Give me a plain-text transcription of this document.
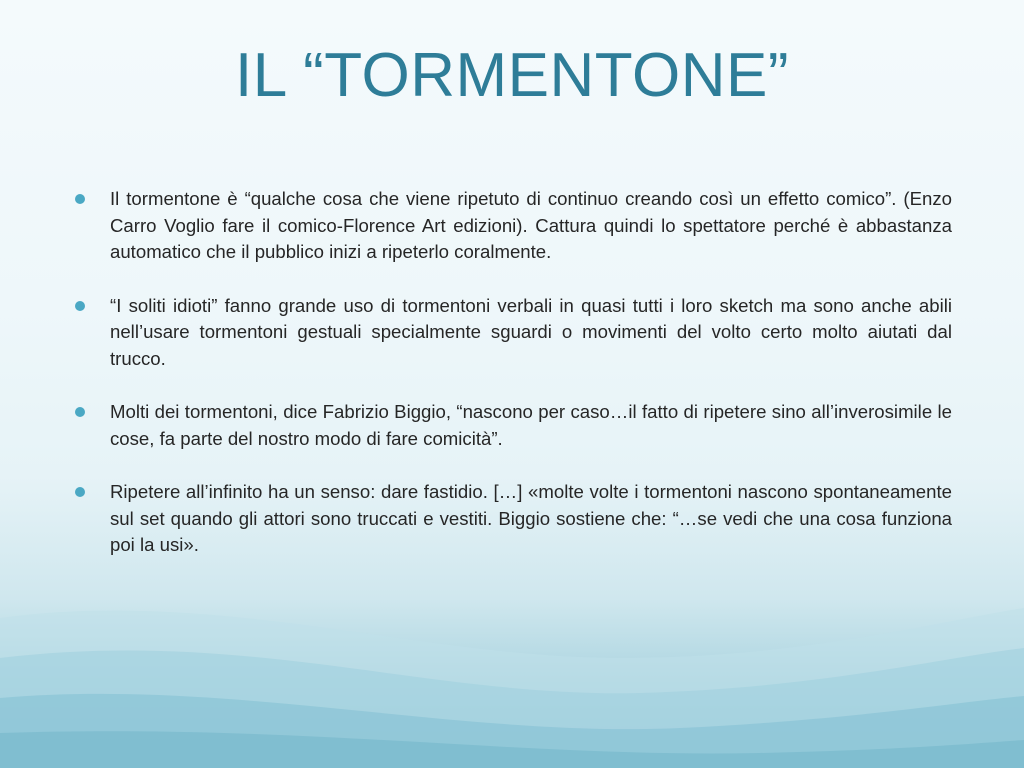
IL “TORMENTONE”
Il tormentone è “qualche cosa che viene ripetuto di continuo creando così un effetto comico”. (Enzo Carro Voglio fare il comico-Florence Art edizioni). Cattura quindi lo spettatore perché è abbastanza automatico che il pubblico inizi a ripeterlo coralmente.
“I soliti idioti” fanno grande uso di tormentoni verbali in quasi tutti i loro sketch ma sono anche abili nell’usare tormentoni gestuali specialmente sguardi o movimenti del volto certo molto aiutati dal trucco.
Molti dei tormentoni, dice Fabrizio Biggio, “nascono per caso…il fatto di ripetere sino all’inverosimile le cose, fa parte del nostro modo di fare comicità”.
Ripetere all’infinito ha un senso: dare fastidio. […] «molte volte i tormentoni nascono spontaneamente sul set quando gli attori sono truccati e vestiti. Biggio sostiene che: “…se vedi che una cosa funziona poi la usi».
